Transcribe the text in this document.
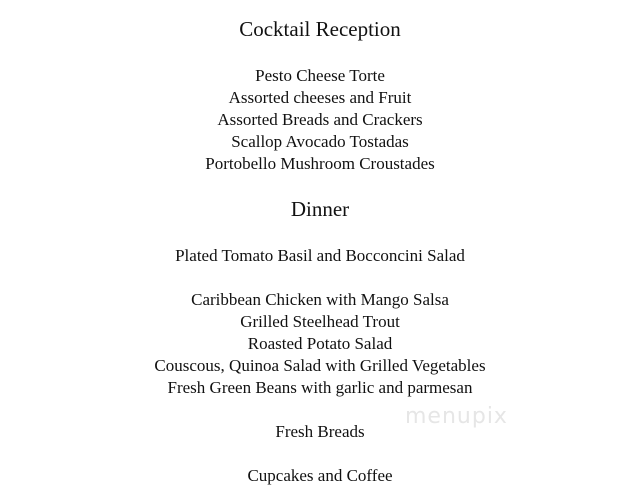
Cocktail Reception
Pesto Cheese Torte
Assorted cheeses and Fruit
Assorted Breads and Crackers
Scallop Avocado Tostadas
Portobello Mushroom Croustades
Dinner
Plated Tomato Basil and Bocconcini Salad
Caribbean Chicken with Mango Salsa
Grilled Steelhead Trout
Roasted Potato Salad
Couscous, Quinoa Salad with Grilled Vegetables
Fresh Green Beans with garlic and parmesan
Fresh Breads
Cupcakes and Coffee
menupix
